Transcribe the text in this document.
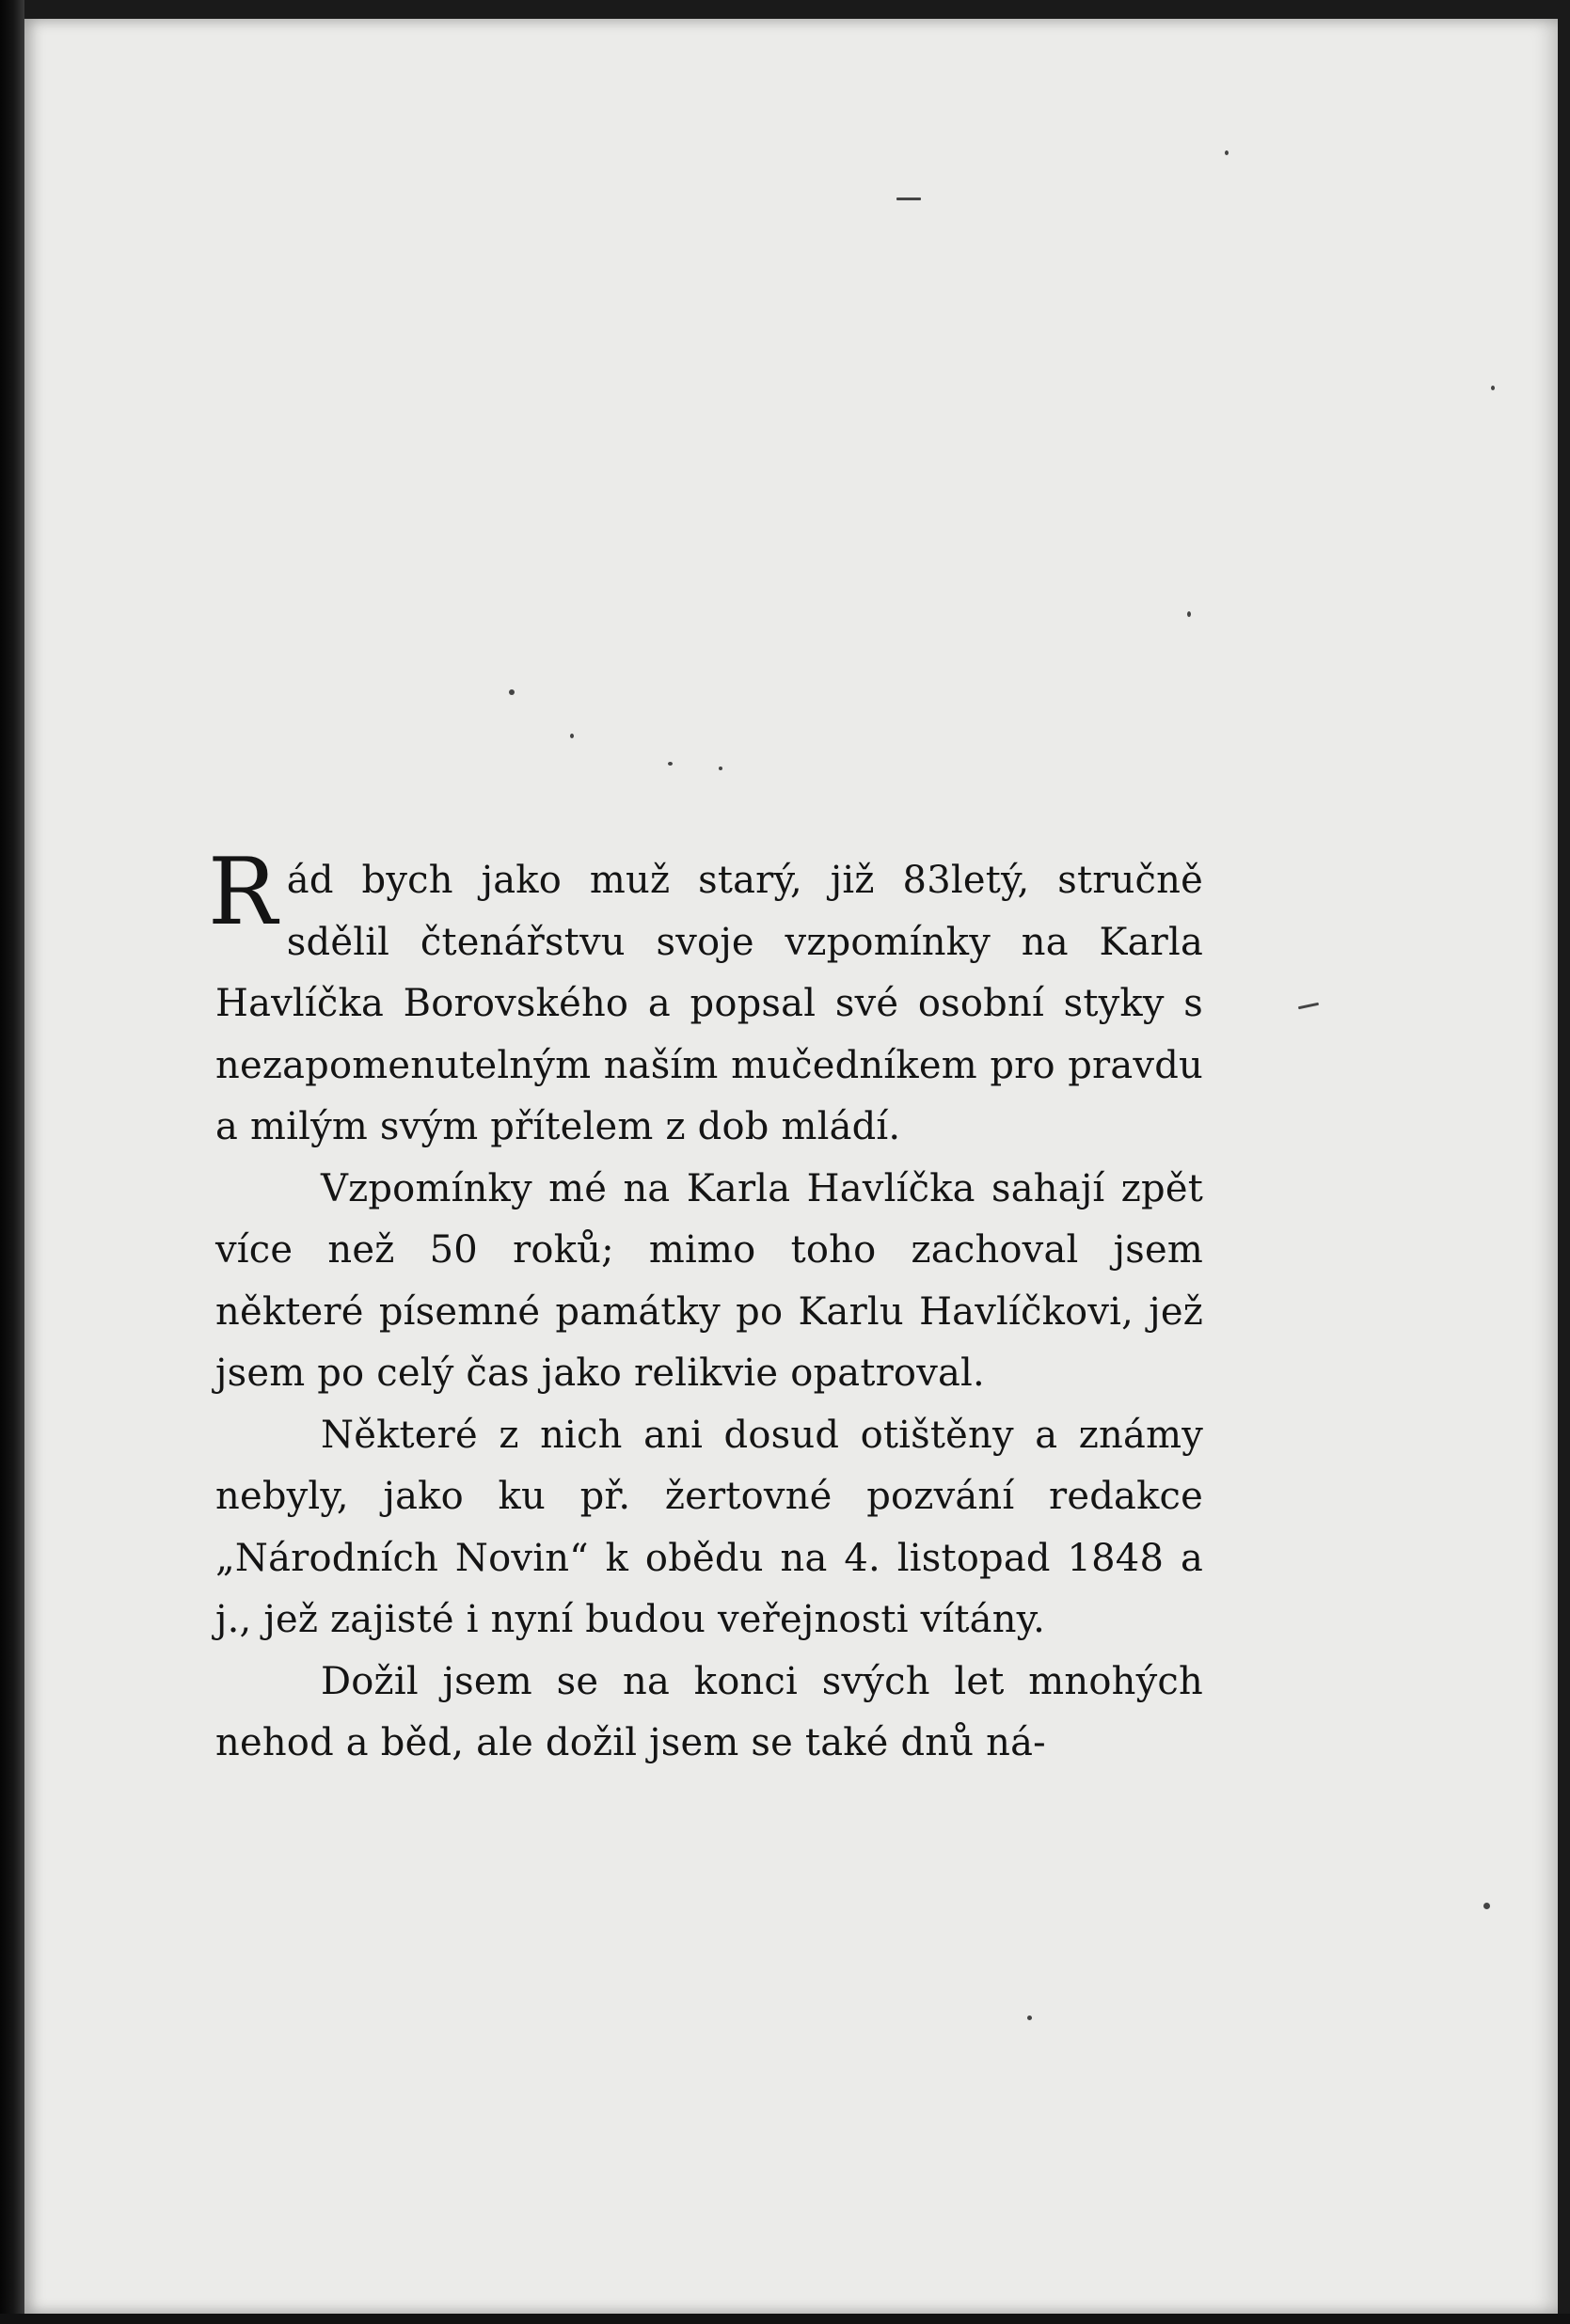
Rád bych jako muž starý, již 83letý, stručně sdělil čtenářstvu svoje vzpomínky na Karla Havlíčka Borovského a popsal své osobní styky s nezapomenutelným naším mučedníkem pro pravdu a milým svým přítelem z dob mládí.

Vzpomínky mé na Karla Havlíčka sahají zpět více než 50 roků; mimo toho zachoval jsem některé písemné památky po Karlu Havlíčkovi, jež jsem po celý čas jako relikvie opatroval.

Některé z nich ani dosud otištěny a známy nebyly, jako ku př. žertovné pozvání redakce „Národních Novin“ k obědu na 4. listopad 1848 a j., jež zajisté i nyní budou veřejnosti vítány.

Dožil jsem se na konci svých let mnohých nehod a běd, ale dožil jsem se také dnů ná-
